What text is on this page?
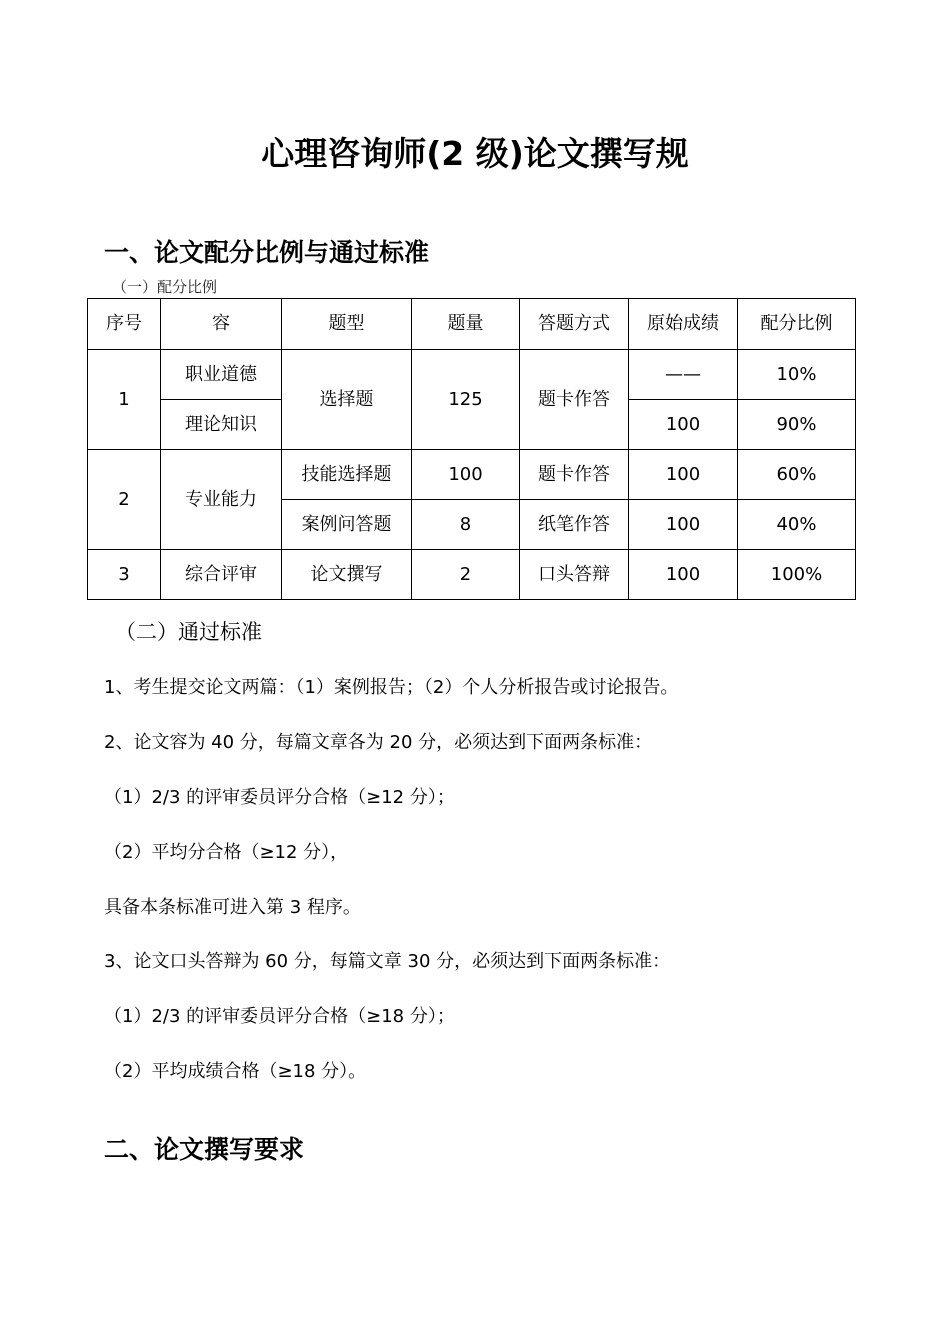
心理咨询师(2 级)论文撰写规
一、论文配分比例与通过标准
（一）配分比例
序号	容	题型	题量	答题方式	原始成绩	配分比例
1	职业道德	选择题	125	题卡作答	——	10%
	理论知识				100	90%
2	专业能力	技能选择题	100	题卡作答	100	60%
		案例问答题	8	纸笔作答	100	40%
3	综合评审	论文撰写	2	口头答辩	100	100%
（二）通过标准
1、考生提交论文两篇：（1）案例报告；（2）个人分析报告或讨论报告。
2、论文容为 40 分，每篇文章各为 20 分，必须达到下面两条标准：
（1）2/3 的评审委员评分合格（≥12 分）；
（2）平均分合格（≥12 分），
具备本条标准可进入第 3 程序。
3、论文口头答辩为 60 分，每篇文章 30 分，必须达到下面两条标准：
（1）2/3 的评审委员评分合格（≥18 分）；
（2）平均成绩合格（≥18 分）。
二、论文撰写要求
